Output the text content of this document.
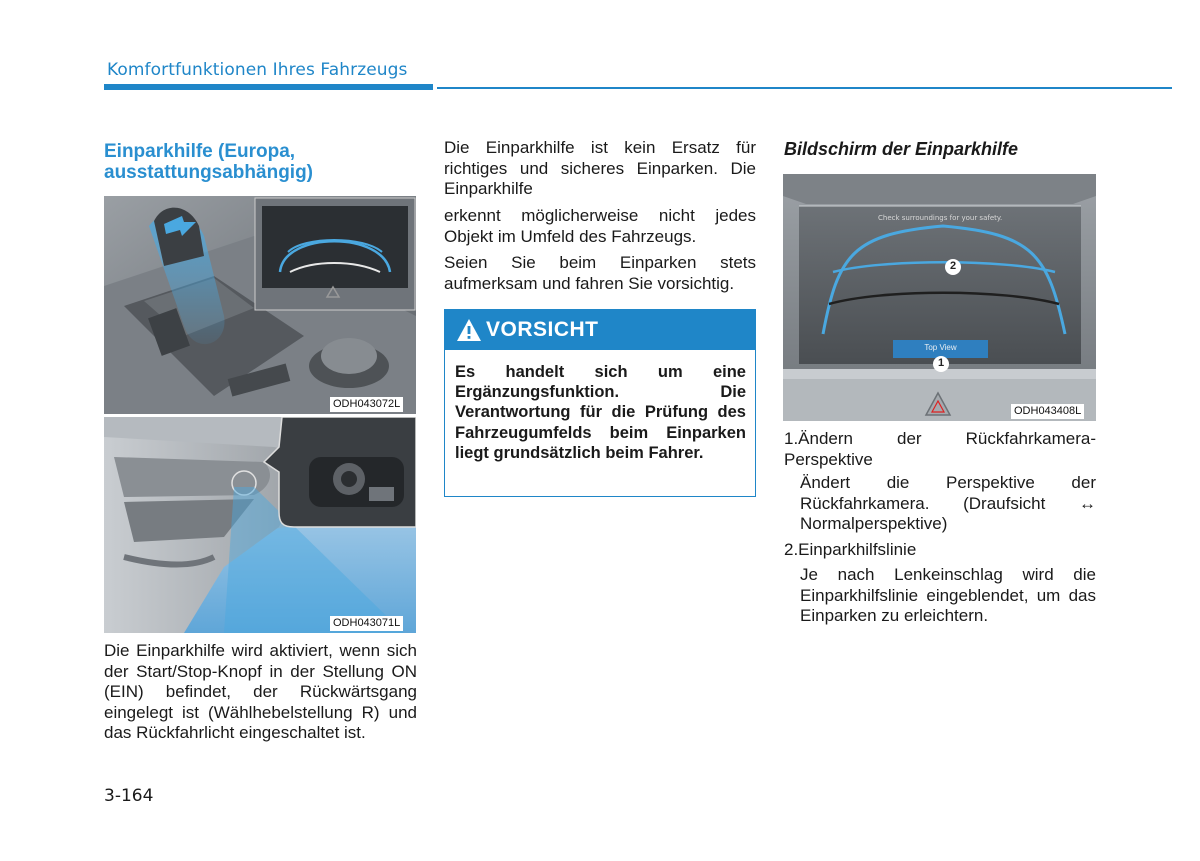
Komfortfunktionen Ihres Fahrzeugs
Einparkhilfe (Europa, ausstattungsabhängig)
ODH043072L
ODH043071L
Die Einparkhilfe wird aktiviert, wenn sich der Start/Stop-Knopf in der Stellung ON (EIN) befindet, der Rückwärtsgang eingelegt ist (Wählhebelstellung R) und das Rückfahrlicht eingeschaltet ist.
Die Einparkhilfe ist kein Ersatz für richtiges und sicheres Einparken. Die Einparkhilfe
erkennt möglicherweise nicht jedes Objekt im Umfeld des Fahrzeugs.
Seien Sie beim Einparken stets aufmerksam und fahren Sie vorsichtig.
VORSICHT
Es handelt sich um eine Ergänzungsfunktion. Die Verantwortung für die Prüfung des Fahrzeugumfelds beim Einparken liegt grundsätzlich beim Fahrer.
Bildschirm der Einparkhilfe
Check surroundings for your safety.
Top View
2
1
ODH043408L
1.Ändern der Rückfahrkamera-Perspektive
Ändert die Perspektive der Rückfahrkamera. (Draufsicht ↔ Normalperspektive)
2.Einparkhilfslinie
Je nach Lenkeinschlag wird die Einparkhilfslinie eingeblendet, um das Einparken zu erleichtern.
3-164
